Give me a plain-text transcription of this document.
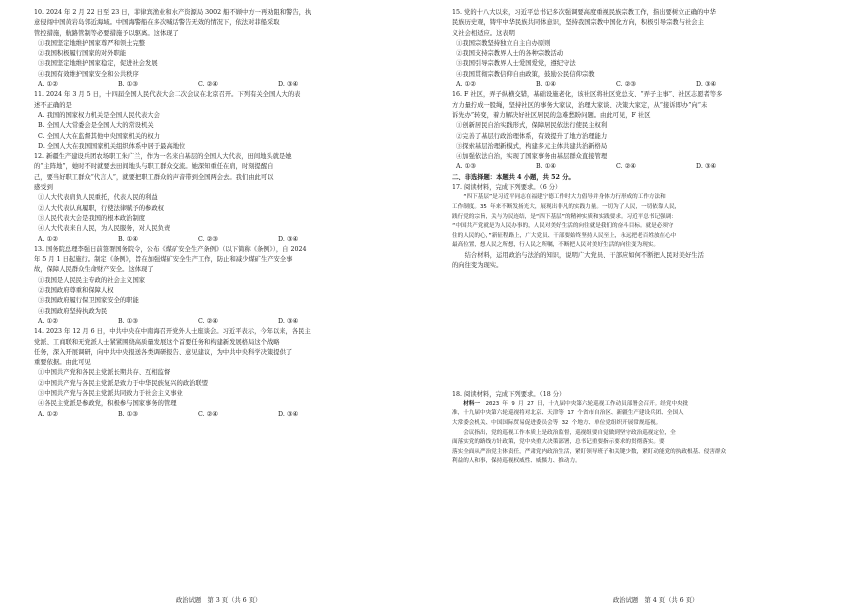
10. 2024 年 2 月 22 日至 23 日，菲律宾渔业和水产资源局 3002 船不顾中方一再劝阻和警告，执

意侵闯中国黄岩岛邻近海域。中国海警船在多次喊话警告无效的情况下，依法对菲船采取

管控措施，航路管制等必要措施予以驱离。这体现了

①我国坚定地维护国家尊严和领土完整

②我国积极履行国家的对外职能

③我国坚定地维护国家稳定，促进社会发展

④我国有效维护国家安全和公共秩序

A. ①②	B. ①③	C. ②④	D. ③④

11. 2024 年 3 月 5 日，十四届全国人民代表大会二次会议在北京召开。下列有关全国人大的表

述不正确的是

A. 我国的国家权力机关是全国人民代表大会

B. 全国人大常委会是全国人大的常设机关

C. 全国人大在监督其他中央国家机关的权力

D. 全国人大在我国国家机关组织体系中居于最高地位

12. 新疆生产建设兵团农场职工朱广兰，作为一名来自基层的全国人大代表，田间地头就是她

的“主阵地”，她时不时就要去田间地头与职工群众交流。她深知重任在肩，时刻提醒自

己，要当好职工群众“代言人”，就要把职工群众的声音带到全国两会去。我们由此可以

感受到

①人大代表肩负人民重托，代表人民的利益

②人大代表认真履职，行使法律赋予的参政权

③人民代表大会是我国的根本政治制度

④人大代表来自人民，为人民服务，对人民负责

A. ①②	B. ①④	C. ②③	D. ③④

13. 国务院总理李强日前签署国务院令，公布《煤矿安全生产条例》（以下简称《条例》），自 2024

年 5 月 1 日起施行。制定《条例》，旨在加强煤矿安全生产工作，防止和减少煤矿生产安全事

故，保障人民群众生命财产安全。这体现了

①我国是人民民主专政的社会主义国家

②我国政府尊重和保障人权

③我国政府履行保卫国家安全的职能

④我国政府坚持执政为民

A. ①②	B. ①③	C. ②④	D. ③④

14. 2023 年 12 月 6 日，中共中央在中南海召开党外人士座谈会。习近平表示，今年以来，各民主

党派、工商联和无党派人士紧紧围绕高质量发展这个首要任务和构建新发展格局这个战略

任务，深入开展调研，向中共中央报送各类调研报告、意见建议，为中共中央科学决策提供了

重要依据。由此可见

①中国共产党和各民主党派长期共存、互相监督

②中国共产党与各民主党派是致力于中华民族复兴的政治联盟

③中国共产党与各民主党派共同致力于社会主义事业

④各民主党派是参政党，积极参与国家事务的管理

A. ①②	B. ①③	C. ②④	D. ③④

15. 党的十八大以来，习近平总书记多次强调要高度重视民族宗教工作，指出要树立正确的中华

民族历史观，铸牢中华民族共同体意识，坚持我国宗教中国化方向，积极引导宗教与社会主

义社会相适应。这表明

①我国宗教坚持独立自主自办原则

②我国支持宗教界人士的各种宗教活动

③我国引导宗教界人士爱国爱党，遵纪守法

④我国贯彻宗教信仰自由政策，鼓励公民信仰宗教

A. ①②	B. ①④	C. ②③	D. ③④

16. F 社区，弄子纵横交错，基础设施老化，该社区将社区党总支、“弄子主事”、社区志愿者等多

方力量拧成一股绳，坚持社区的事务大家议，治理大家谈、决策大家定，从“接诉即办”向“未

诉先办”转变，着力解决好社区居民的急难愁盼问题。由此可见，F 社区

①创新居民自治实践形式，保障居民依法行使民主权利

②完善了基层行政治理体系，有效提升了地方治理能力

③探索基层治理新模式，构建多元主体共建共治新格局

④加强依法自治，实现了国家事务由基层群众直接管理

A. ①③	B. ①④	C. ②④	D. ③④

二、非选择题：本题共 4 小题，共 52 分。

17. 阅读材料，完成下列要求。（6 分）

“四下基层”是习近平同志在福建宁德工作时大力倡导并身体力行形成的工作方法和

工作制度。35 年来不断发扬光大，展现出非凡的实践力量。一切为了人民，一切依靠人民，

践行党的宗旨，关与为民连结，是“四下基层”的精神实质和实践要求。习近平总书记强调：

“中国共产党就是为人民办事的，人民对美好生活的向往就是我们的奋斗目标。就是必须守

住的人民的心，”新征程路上，广大党员、干部要始终坚持人民至上，永远把老百姓放在心中

最高位置，想人民之所想，行人民之所嘱，不断把人民对美好生活的向往变为现实。

结合材料，运用政治与法治的知识，说明广大党员、干部应如何不断把人民对美好生活

的向往变为现实。

18. 阅读材料，完成下列要求。（18 分）

材料一　 2023 年 9 月 27 日，十九届中央第六轮巡视工作动员部署会召开。经党中央批

准，十九届中央第六轮巡视将对北京、天津等 17 个省市自治区、新疆生产建设兵团、全国人

大常委会机关、中国国际贸易促进委员会等 32 个地方、单位党组织开展常规巡视。

会议指出，党的巡视工作本质上是政治监督，巡视组要自觉做到坚守政治巡视定位，全

面落实党的路线方针政策，党中央重大决策部署，总书记重要指示要求的贯彻落实。要

落实全面从严治党主体责任，严肃党内政治生活，紧盯领导班子和关键少数，紧盯动能党的执政根基、侵害群众

利益的人和事，保持巡视权威性、威慑力、推动力。

政治试题　第 3 页（共 6 页）	政治试题　第 4 页（共 6 页）
